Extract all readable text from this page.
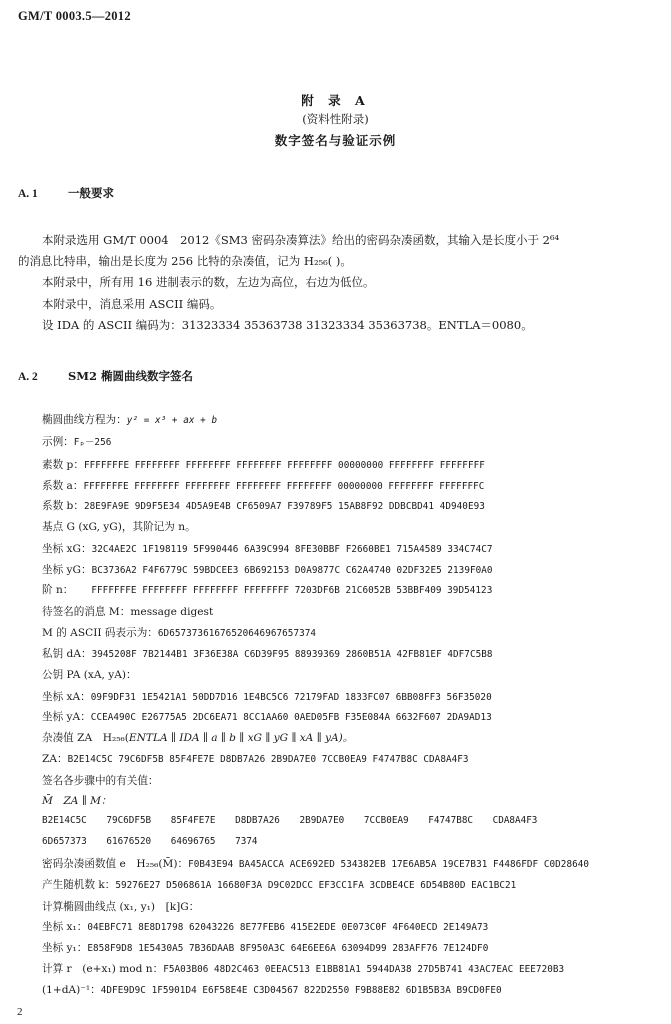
GM/T 0003.5—2012
附 录 A
(资料性附录)
数字签名与验证示例
A. 1	一般要求
本附录选用 GM/T 0004　2012《SM3 密码杂凑算法》给出的密码杂凑函数，其输入是长度小于 2⁶⁴
的消息比特串，输出是长度为 256 比特的杂凑值，记为 H₂₅₆( )。
本附录中，所有用 16 进制表示的数，左边为高位，右边为低位。
本附录中，消息采用 ASCII 编码。
设 IDA 的 ASCII 编码为：31323334 35363738 31323334 35363738。ENTLA＝0080。
A. 2	SM2 椭圆曲线数字签名
椭圆曲线方程为：y² = x³ + ax + b
示例：Fₚ－256
素数 p：FFFFFFFE FFFFFFFF FFFFFFFF FFFFFFFF FFFFFFFF 00000000 FFFFFFFF FFFFFFFF
系数 a：FFFFFFFE FFFFFFFF FFFFFFFF FFFFFFFF FFFFFFFF 00000000 FFFFFFFF FFFFFFFC
系数 b：28E9FA9E 9D9F5E34 4D5A9E4B CF6509A7 F39789F5 15AB8F92 DDBCBD41 4D940E93
基点 G (xG, yG)，其阶记为 n。
坐标 xG：32C4AE2C 1F198119 5F990446 6A39C994 8FE30BBF F2660BE1 715A4589 334C74C7
坐标 yG：BC3736A2 F4F6779C 59BDCEE3 6B692153 D0A9877C C62A4740 02DF32E5 2139F0A0
阶 n： FFFFFFFE FFFFFFFF FFFFFFFF FFFFFFFF 7203DF6B 21C6052B 53BBF409 39D54123
待签名的消息 M：message digest
M 的 ASCII 码表示为：6D65737361676520646967657374
私钥 dA：3945208F 7B2144B1 3F36E38A C6D39F95 88939369 2860B51A 42FB81EF 4DF7C5B8
公钥 PA (xA, yA)：
坐标 xA：09F9DF31 1E5421A1 50DD7D16 1E4BC5C6 72179FAD 1833FC07 6BB08FF3 56F35020
坐标 yA：CCEA490C E26775A5 2DC6EA71 8CC1AA60 0AED05FB F35E084A 6632F607 2DA9AD13
杂凑值 ZA　H₂₅₆(ENTLA ∥ IDA ∥ a ∥ b ∥ xG ∥ yG ∥ xA ∥ yA)。
ZA：B2E14C5C 79C6DF5B 85F4FE7E D8DB7A26 2B9DA7E0 7CCB0EA9 F4747B8C CDA8A4F3
签名各步骤中的有关值：
M̄　ZA ∥ M：
B2E14C5C 79C6DF5B 85F4FE7E D8DB7A26 2B9DA7E0 7CCB0EA9 F4747B8C CDA8A4F3
6D657373 61676520 64696765 7374
密码杂凑函数值 e　H₂₅₆(M̄)：F0B43E94 BA45ACCA ACE692ED 534382EB 17E6AB5A 19CE7B31 F4486FDF C0D28640
产生随机数 k：59276E27 D506861A 16680F3A D9C02DCC EF3CC1FA 3CDBE4CE 6D54B80D EAC1BC21
计算椭圆曲线点 (x₁, y₁)　[k]G：
坐标 x₁：04EBFC71 8E8D1798 62043226 8E77FEB6 415E2EDE 0E073C0F 4F640ECD 2E149A73
坐标 y₁：E858F9D8 1E5430A5 7B36DAAB 8F950A3C 64E6EE6A 63094D99 283AFF76 7E124DF0
计算 r　(e+x₁) mod n：F5A03B06 48D2C463 0EEAC513 E1BB81A1 5944DA38 27D5B741 43AC7EAC EEE720B3
(1+dA)⁻¹：4DFE9D9C 1F5901D4 E6F58E4E C3D04567 822D2550 F9B88E82 6D1B5B3A B9CD0FE0
2
